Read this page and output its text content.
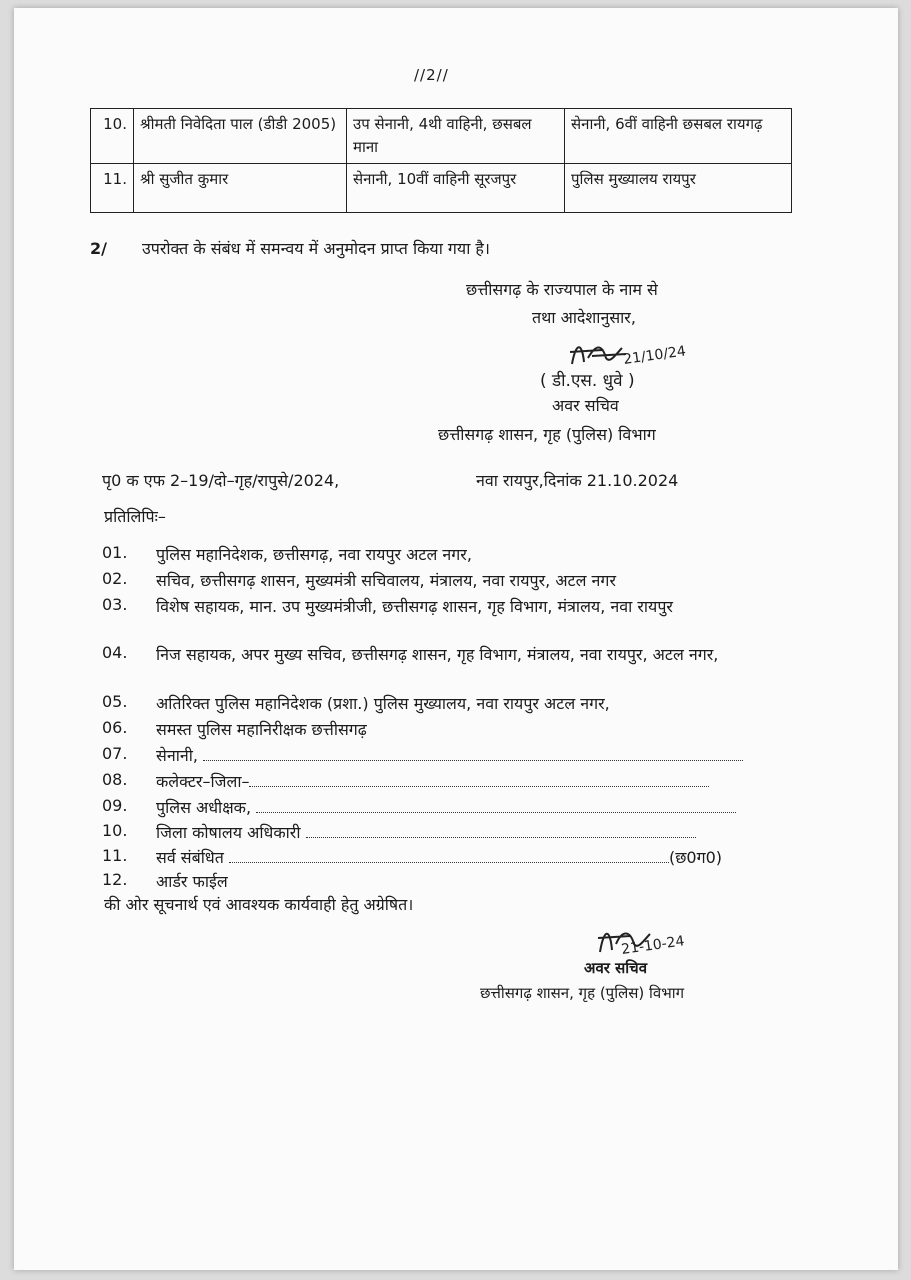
//2//
10.	श्रीमती निवेदिता पाल (डीडी 2005)	उप सेनानी, 4थी वाहिनी, छसबल माना	सेनानी, 6वीं वाहिनी छसबल रायगढ़
11.	श्री सुजीत कुमार	सेनानी, 10वीं वाहिनी सूरजपुर	पुलिस मुख्यालय रायपुर
2/ उपरोक्त के संबंध में समन्वय में अनुमोदन प्राप्त किया गया है।
छत्तीसगढ़ के राज्यपाल के नाम से
तथा आदेशानुसार,
21/10/24
( डी.एस. धुवे )
अवर सचिव
छत्तीसगढ़ शासन, गृह (पुलिस) विभाग
पृ0 क एफ 2–19/दो–गृह/रापुसे/2024,	नवा रायपुर,दिनांक 21.10.2024
प्रतिलिपिः–
01.	पुलिस महानिदेशक, छत्तीसगढ़, नवा रायपुर अटल नगर,
02.	सचिव, छत्तीसगढ़ शासन, मुख्यमंत्री सचिवालय, मंत्रालय, नवा रायपुर, अटल नगर
03.	विशेष सहायक, मान. उप मुख्यमंत्रीजी, छत्तीसगढ़ शासन, गृह विभाग, मंत्रालय, नवा रायपुर
04.	निज सहायक, अपर मुख्य सचिव, छत्तीसगढ़ शासन, गृह विभाग, मंत्रालय, नवा रायपुर, अटल नगर,
05.	अतिरिक्त पुलिस महानिदेशक (प्रशा.) पुलिस मुख्यालय, नवा रायपुर अटल नगर,
06.	समस्त पुलिस महानिरीक्षक छत्तीसगढ़
07.	सेनानी,
08.	कलेक्टर–जिला–
09.	पुलिस अधीक्षक,
10.	जिला कोषालय अधिकारी
11.	सर्व संबंधित	(छ0ग0)
12.	आर्डर फाईल
की ओर सूचनार्थ एवं आवश्यक कार्यवाही हेतु अग्रेषित।
21-10-24
अवर सचिव
छत्तीसगढ़ शासन, गृह (पुलिस) विभाग
